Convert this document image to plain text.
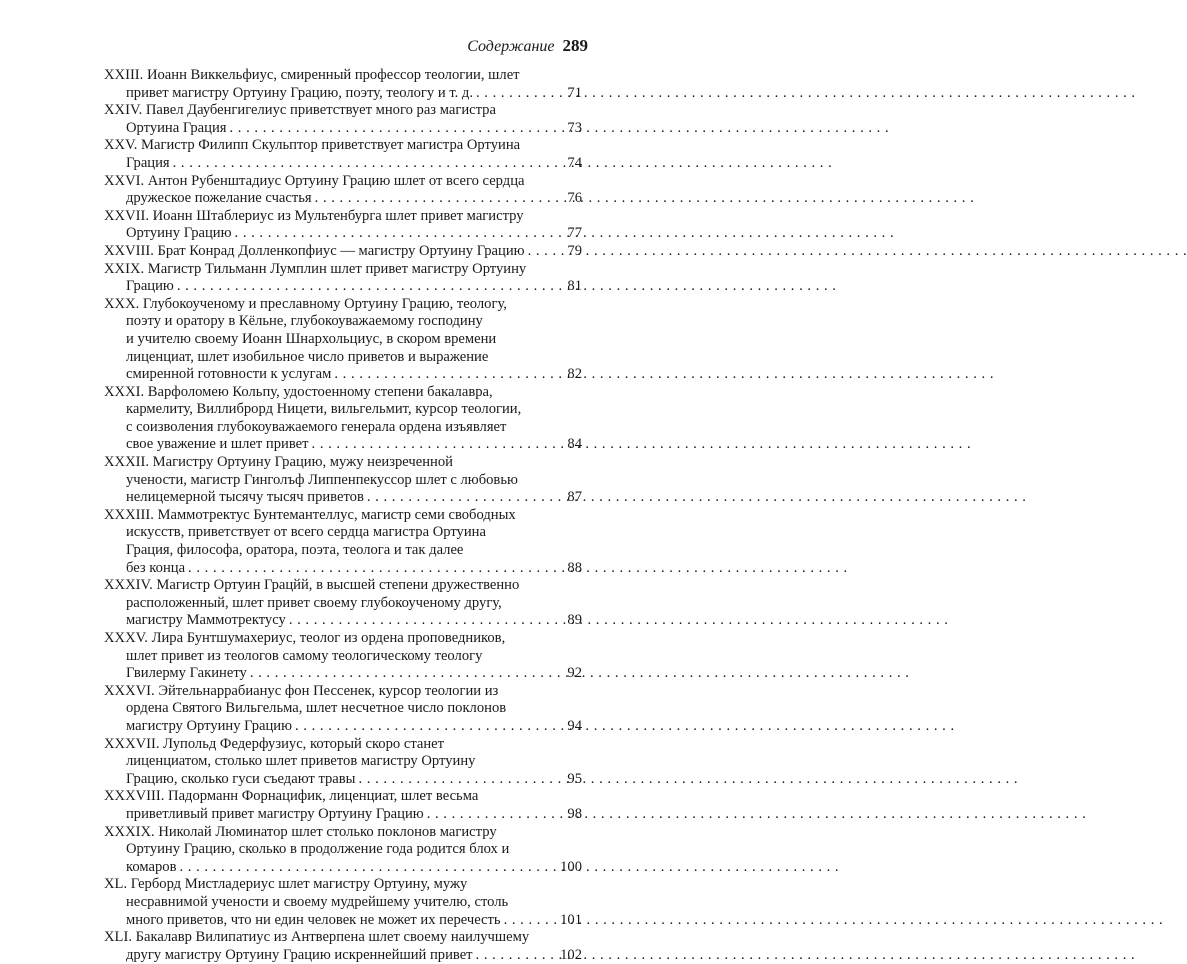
Содержание 289
XXIII. Иоанн Виккельфиус, смиренный профессор теологии, шлет
привет магистру Ортуину Грацию, поэту, теологу и т. д. . . .	71
XXIV. Павел Даубенгигелиус приветствует много раз магистра
Ортуина Грация . . .	73
XXV. Магистр Филипп Скульптор приветствует магистра Ортуина
Грация . . .	74
XXVI. Антон Рубенштадиус Ортуину Грацию шлет от всего сердца
дружеское пожелание счастья . . .	76
XXVII. Иоанн Штаблериус из Мультенбурга шлет привет магистру
Ортуину Грацию . . .	77
XXVIII. Брат Конрад Долленкопфиус — магистру Ортуину Грацию . . .	79
XXIX. Магистр Тильманн Лумплин шлет привет магистру Ортуину
Грацию . . .	81
XXX. Глубокоученому и преславному Ортуину Грацию, теологу,
поэту и оратору в Кёльне, глубокоуважаемому господину
и учителю своему Иоанн Шнархольциус, в скором времени
лиценциат, шлет изобильное число приветов и выражение
смиренной готовности к услугам . . .	82
XXXI. Варфоломею Кольпу, удостоенному степени бакалавра,
кармелиту, Виллиброрд Ницети, вильгельмит, курсор теологии,
с соизволения глубокоуважаемого генерала ордена изъявляет
свое уважение и шлет привет . . .	84
XXXII. Магистру Ортуину Грацию, мужу неизреченной
учености, магистр Гинголъф Липпенпекуссор шлет с любовью
нелицемерной тысячу тысяч приветов . . .	87
XXXIII. Маммотректус Бунтемантеллус, магистр семи свободных
искусств, приветствует от всего сердца магистра Ортуина
Грация, философа, оратора, поэта, теолога и так далее
без конца . . .	88
XXXIV. Магистр Ортуин Грацйй, в высшей степени дружественно
расположенный, шлет привет своему глубокоученому другу,
магистру Маммотректусу . . .	89
XXXV. Лира Бунтшумахериус, теолог из ордена проповедников,
шлет привет из теологов самому теологическому теологу
Гвилерму Гакинету . . .	92
XXXVI. Эйтельнаррабианус фон Пессенек, курсор теологии из
ордена Святого Вильгельма, шлет несчетное число поклонов
магистру Ортуину Грацию . . .	94
XXXVII. Лупольд Федерфузиус, который скоро станет
лиценциатом, столько шлет приветов магистру Ортуину
Грацию, сколько гуси съедают травы . . .	95
XXXVIII. Падорманн Форнацифик, лиценциат, шлет весьма
приветливый привет магистру Ортуину Грацию . . .	98
XXXIX. Николай Люминатор шлет столько поклонов магистру
Ортуину Грацию, сколько в продолжение года родится блох и
комаров . . .	100
XL. Герборд Мистладериус шлет магистру Ортуину, мужу
несравнимой учености и своему мудрейшему учителю, столь
много приветов, что ни един человек не может их перечесть . . .	101
XLI. Бакалавр Вилипатиус из Антверпена шлет своему наилучшему
другу магистру Ортуину Грацию искреннейший привет . . .	102
